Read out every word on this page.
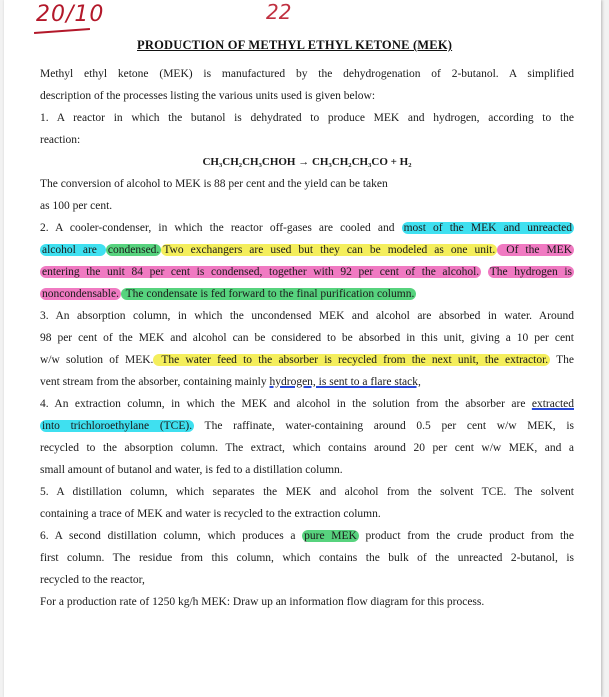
20/10	22
PRODUCTION OF METHYL ETHYL KETONE (MEK)
Methyl ethyl ketone (MEK) is manufactured by the dehydrogenation of 2-butanol. A simplified
description of the processes listing the various units used is given below:
1. A reactor in which the butanol is dehydrated to produce MEK and hydrogen, according to the
reaction:
CH₃CH₂CH₃CHOH → CH₃CH₂CH₃CO + H₂
The conversion of alcohol to MEK is 88 per cent and the yield can be taken
as 100 per cent.
2. A cooler-condenser, in which the reactor off-gases are cooled and most of the MEK and unreacted
alcohol are condensed. Two exchangers are used but they can be modeled as one unit. Of the MEK
entering the unit 84 per cent is condensed, together with 92 per cent of the alcohol. The hydrogen is
noncondensable. The condensate is fed forward to the final purification column.
3. An absorption column, in which the uncondensed MEK and alcohol are absorbed in water. Around
98 per cent of the MEK and alcohol can be considered to be absorbed in this unit, giving a 10 per cent
w/w solution of MEK. The water feed to the absorber is recycled from the next unit, the extractor. The
vent stream from the absorber, containing mainly hydrogen, is sent to a flare stack,
4. An extraction column, in which the MEK and alcohol in the solution from the absorber are extracted
into trichloroethylane (TCE). The raffinate, water-containing around 0.5 per cent w/w MEK, is
recycled to the absorption column. The extract, which contains around 20 per cent w/w MEK, and a
small amount of butanol and water, is fed to a distillation column.
5. A distillation column, which separates the MEK and alcohol from the solvent TCE. The solvent
containing a trace of MEK and water is recycled to the extraction column.
6. A second distillation column, which produces a pure MEK product from the crude product from the
first column. The residue from this column, which contains the bulk of the unreacted 2-butanol, is
recycled to the reactor,
For a production rate of 1250 kg/h MEK: Draw up an information flow diagram for this process.
